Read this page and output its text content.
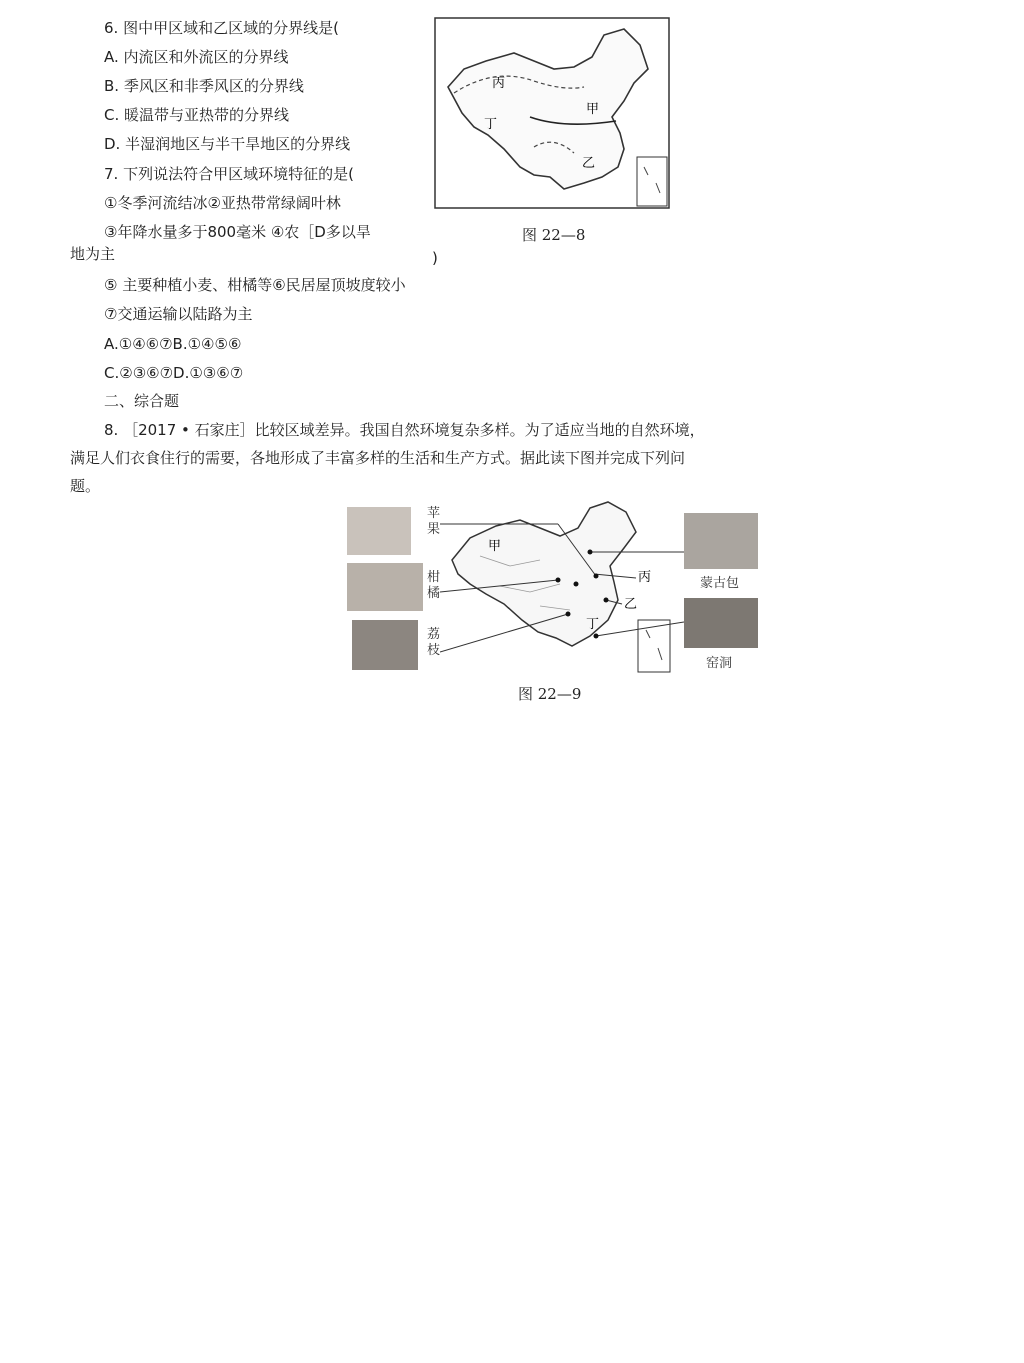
6. 图中甲区域和乙区域的分界线是(
A. 内流区和外流区的分界线
B. 季风区和非季风区的分界线
C. 暖温带与亚热带的分界线
D. 半湿润地区与半干旱地区的分界线
7. 下列说法符合甲区域环境特征的是(
①冬季河流结冰②亚热带常绿阔叶林
③年降水量多于800毫米 ④农［D多以旱
地为主	)
⑤ 主要种植小麦、柑橘等⑥民居屋顶坡度较小
⑦交通运输以陆路为主
A.①④⑥⑦B.①④⑤⑥
C.②③⑥⑦D.①③⑥⑦
二、综合题
8. ［2017 • 石家庄］比较区域差异。我国自然环境复杂多样。为了适应当地的自然环境，
满足人们衣食住行的需要，各地形成了丰富多样的生活和生产方式。据此读下图并完成下列问
题。
丙
甲
丁
乙
图 22—8
苹果
柑橘
荔枝
蒙古包
窑洞
甲
丙
乙
丁
图 22—9
